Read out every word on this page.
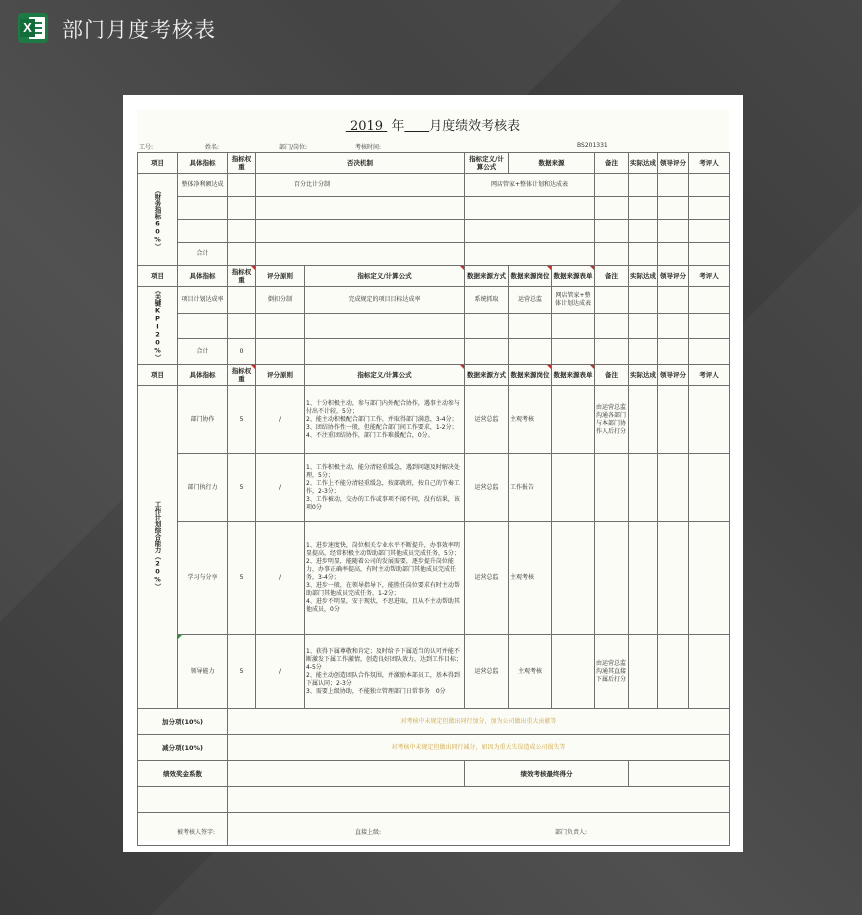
X 部门月度考核表
2019  年 月度绩效考核表
工号:	姓名:	部门/岗位:	考核时间:	BS201331
项目	具体指标	指标权重	否决机制		指标定义/计算公式	数据来源		备注	实际达成	领导评分	考评人
（财务指标60%）	整体净利额达成		百分比计分制		网店管家+整体计划和达成表						

	合计										
项目	具体指标	指标权重	评分原则	指标定义/计算公式	数据来源方式	数据来源岗位	数据来源表单	备注	实际达成	领导评分	考评人
（关键KPI20%）	项目计划达成率		倒扣分制	完成规定的项目目标达成率	系统抓取	运营总监	网店管家+整体计划达成表				

	合计	0									
项目	具体指标	指标权重	评分原则	指标定义/计算公式	数据来源方式	数据来源岗位	数据来源表单	备注	实际达成	领导评分	考评人
工作计划综合能力（20%）	部门协作	5	/	1、十分积极主动，参与部门内外配合协作，遇事主动参与付出不计较，5分；
2、能主动积极配合部门工作，并取得部门满意，3-4分；
3、团结协作性一般，但能配合部门间工作要求，1-2分；
4、不注重团结协作，部门工作难援配合，0分。	运营总监	主观考核		由运营总监沟通各部门与本部门协作人后打分			
	部门执行力	5	/	1、工作积极主动，能分清轻重缓急，遇到问题及时解决处理，5分；
2、工作上不能分清轻重缓急，按部就班，按自己的节奏工作，2-3分；
3、工作被动，交办的工作或事项不闻不问，没有结果，该项0分	运营总监	工作报告					
	学习与分享	5	/	1、进步速度快，岗位相关专业水平不断提升，办事效率明显提高，经常积极主动帮助部门其他成员完成任务，5分；
2、进步明显，能随着公司的发展需要，逐步提升岗位能力，办事正确率提高，有时主动帮助部门其他成员完成任务，3-4分；
3、进步一般，在领导指导下，能胜任岗位要求有时主动帮助部门其他成员完成任务，1-2分；
4、进步不明显，安于现状，不思进取，且从不主动帮助其他成员，0分	运营总监	主观考核					
	领导能力	5	/	1、获得下属尊敬和肯定；及时给予下属适当的认可并能不断激发下属工作激情，创造良好团队效力，达到工作目标； 4-5分
2、能主动创造团队合作氛围，并激励本部员工，基本得到下属认同；2-3分
3、需要上级协助，不能独立管理部门日常事务　0分	运营总监	主观考核		由运营总监沟通其直接下属后打分			
加分项(10%)		对考核中未规定但做出同行加分，加为公司做出重大贡献等									
减分项(10%)		对考核中未规定但做出同行减分，如因为重大失误造成公司损失等									
绩效奖金系数					绩效考核最终得分						

被考核人签字:	直接上级:	部门负责人:
